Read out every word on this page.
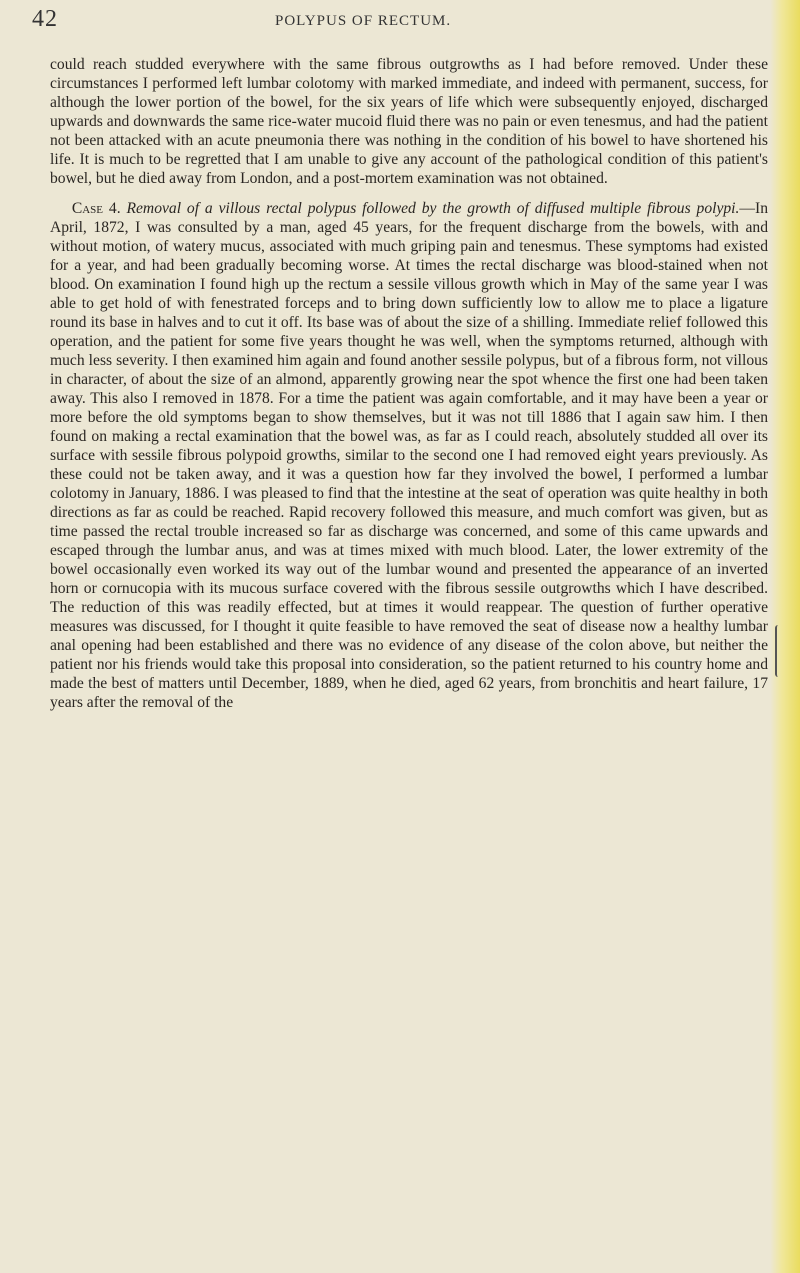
42	POLYPUS OF RECTUM.

could reach studded everywhere with the same fibrous outgrowths as I had before removed. Under these circumstances I performed left lumbar colotomy with marked immediate, and indeed with permanent, success, for although the lower portion of the bowel, for the six years of life which were subsequently enjoyed, discharged upwards and downwards the same rice-water mucoid fluid there was no pain or even tenesmus, and had the patient not been attacked with an acute pneumonia there was nothing in the condition of his bowel to have shortened his life. It is much to be regretted that I am unable to give any account of the pathological condition of this patient's bowel, but he died away from London, and a post-mortem examination was not obtained.

Case 4. Removal of a villous rectal polypus followed by the growth of diffused multiple fibrous polypi.—In April, 1872, I was consulted by a man, aged 45 years, for the frequent discharge from the bowels, with and without motion, of watery mucus, associated with much griping pain and tenesmus. These symptoms had existed for a year, and had been gradually becoming worse. At times the rectal discharge was blood-stained when not blood. On examination I found high up the rectum a sessile villous growth which in May of the same year I was able to get hold of with fenestrated forceps and to bring down sufficiently low to allow me to place a ligature round its base in halves and to cut it off. Its base was of about the size of a shilling. Immediate relief followed this operation, and the patient for some five years thought he was well, when the symptoms returned, although with much less severity. I then examined him again and found another sessile polypus, but of a fibrous form, not villous in character, of about the size of an almond, apparently growing near the spot whence the first one had been taken away. This also I removed in 1878. For a time the patient was again comfortable, and it may have been a year or more before the old symptoms began to show themselves, but it was not till 1886 that I again saw him. I then found on making a rectal examination that the bowel was, as far as I could reach, absolutely studded all over its surface with sessile fibrous polypoid growths, similar to the second one I had removed eight years previously. As these could not be taken away, and it was a question how far they involved the bowel, I performed a lumbar colotomy in January, 1886. I was pleased to find that the intestine at the seat of operation was quite healthy in both directions as far as could be reached. Rapid recovery followed this measure, and much comfort was given, but as time passed the rectal trouble increased so far as discharge was concerned, and some of this came upwards and escaped through the lumbar anus, and was at times mixed with much blood. Later, the lower extremity of the bowel occasionally even worked its way out of the lumbar wound and presented the appearance of an inverted horn or cornucopia with its mucous surface covered with the fibrous sessile outgrowths which I have described. The reduction of this was readily effected, but at times it would reappear. The question of further operative measures was discussed, for I thought it quite feasible to have removed the seat of disease now a healthy lumbar anal opening had been established and there was no evidence of any disease of the colon above, but neither the patient nor his friends would take this proposal into consideration, so the patient returned to his country home and made the best of matters until December, 1889, when he died, aged 62 years, from bronchitis and heart failure, 17 years after the removal of the
